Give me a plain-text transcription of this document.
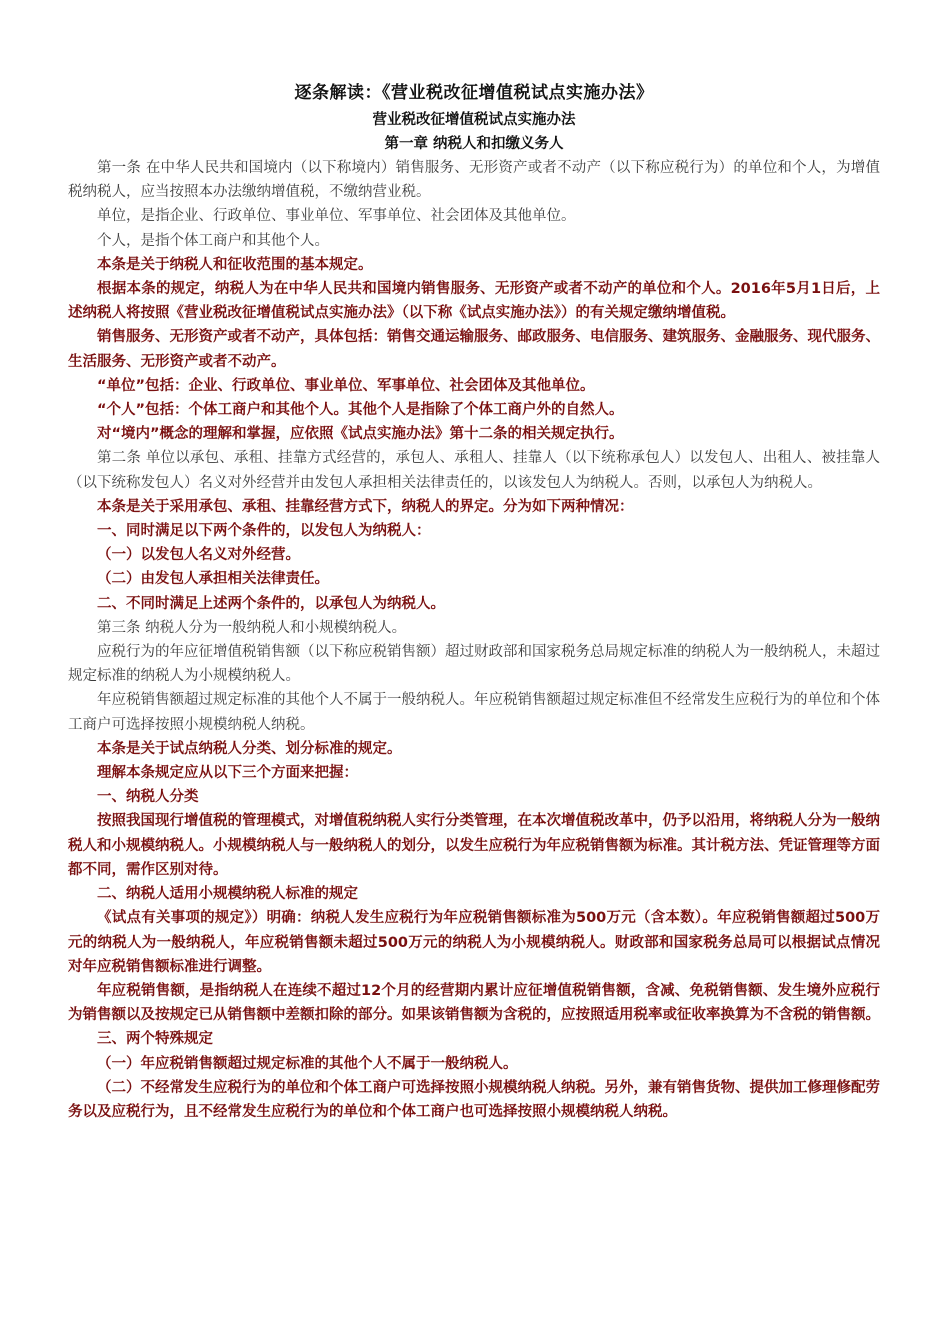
逐条解读：《营业税改征增值税试点实施办法》
营业税改征增值税试点实施办法
第一章 纳税人和扣缴义务人

第一条 在中华人民共和国境内（以下称境内）销售服务、无形资产或者不动产（以下称应税行为）的单位和个人，为增值税纳税人，应当按照本办法缴纳增值税，不缴纳营业税。

单位，是指企业、行政单位、事业单位、军事单位、社会团体及其他单位。

个人，是指个体工商户和其他个人。

本条是关于纳税人和征收范围的基本规定。

根据本条的规定，纳税人为在中华人民共和国境内销售服务、无形资产或者不动产的单位和个人。2016年5月1日后，上述纳税人将按照《营业税改征增值税试点实施办法》（以下称《试点实施办法》）的有关规定缴纳增值税。

销售服务、无形资产或者不动产，具体包括：销售交通运输服务、邮政服务、电信服务、建筑服务、金融服务、现代服务、生活服务、无形资产或者不动产。

“单位”包括：企业、行政单位、事业单位、军事单位、社会团体及其他单位。

“个人”包括：个体工商户和其他个人。其他个人是指除了个体工商户外的自然人。

对“境内”概念的理解和掌握，应依照《试点实施办法》第十二条的相关规定执行。

第二条 单位以承包、承租、挂靠方式经营的，承包人、承租人、挂靠人（以下统称承包人）以发包人、出租人、被挂靠人（以下统称发包人）名义对外经营并由发包人承担相关法律责任的，以该发包人为纳税人。否则，以承包人为纳税人。

本条是关于采用承包、承租、挂靠经营方式下，纳税人的界定。分为如下两种情况：

一、同时满足以下两个条件的，以发包人为纳税人：

（一）以发包人名义对外经营。

（二）由发包人承担相关法律责任。

二、不同时满足上述两个条件的，以承包人为纳税人。

第三条 纳税人分为一般纳税人和小规模纳税人。

应税行为的年应征增值税销售额（以下称应税销售额）超过财政部和国家税务总局规定标准的纳税人为一般纳税人，未超过规定标准的纳税人为小规模纳税人。

年应税销售额超过规定标准的其他个人不属于一般纳税人。年应税销售额超过规定标准但不经常发生应税行为的单位和个体工商户可选择按照小规模纳税人纳税。

本条是关于试点纳税人分类、划分标准的规定。

理解本条规定应从以下三个方面来把握：

一、纳税人分类

按照我国现行增值税的管理模式，对增值税纳税人实行分类管理，在本次增值税改革中，仍予以沿用，将纳税人分为一般纳税人和小规模纳税人。小规模纳税人与一般纳税人的划分，以发生应税行为年应税销售额为标准。其计税方法、凭证管理等方面都不同，需作区别对待。

二、纳税人适用小规模纳税人标准的规定

《试点有关事项的规定》）明确：纳税人发生应税行为年应税销售额标准为500万元（含本数）。年应税销售额超过500万元的纳税人为一般纳税人，年应税销售额未超过500万元的纳税人为小规模纳税人。财政部和国家税务总局可以根据试点情况对年应税销售额标准进行调整。

年应税销售额，是指纳税人在连续不超过12个月的经营期内累计应征增值税销售额，含减、免税销售额、发生境外应税行为销售额以及按规定已从销售额中差额扣除的部分。如果该销售额为含税的，应按照适用税率或征收率换算为不含税的销售额。

三、两个特殊规定

（一）年应税销售额超过规定标准的其他个人不属于一般纳税人。

（二）不经常发生应税行为的单位和个体工商户可选择按照小规模纳税人纳税。另外，兼有销售货物、提供加工修理修配劳务以及应税行为，且不经常发生应税行为的单位和个体工商户也可选择按照小规模纳税人纳税。
